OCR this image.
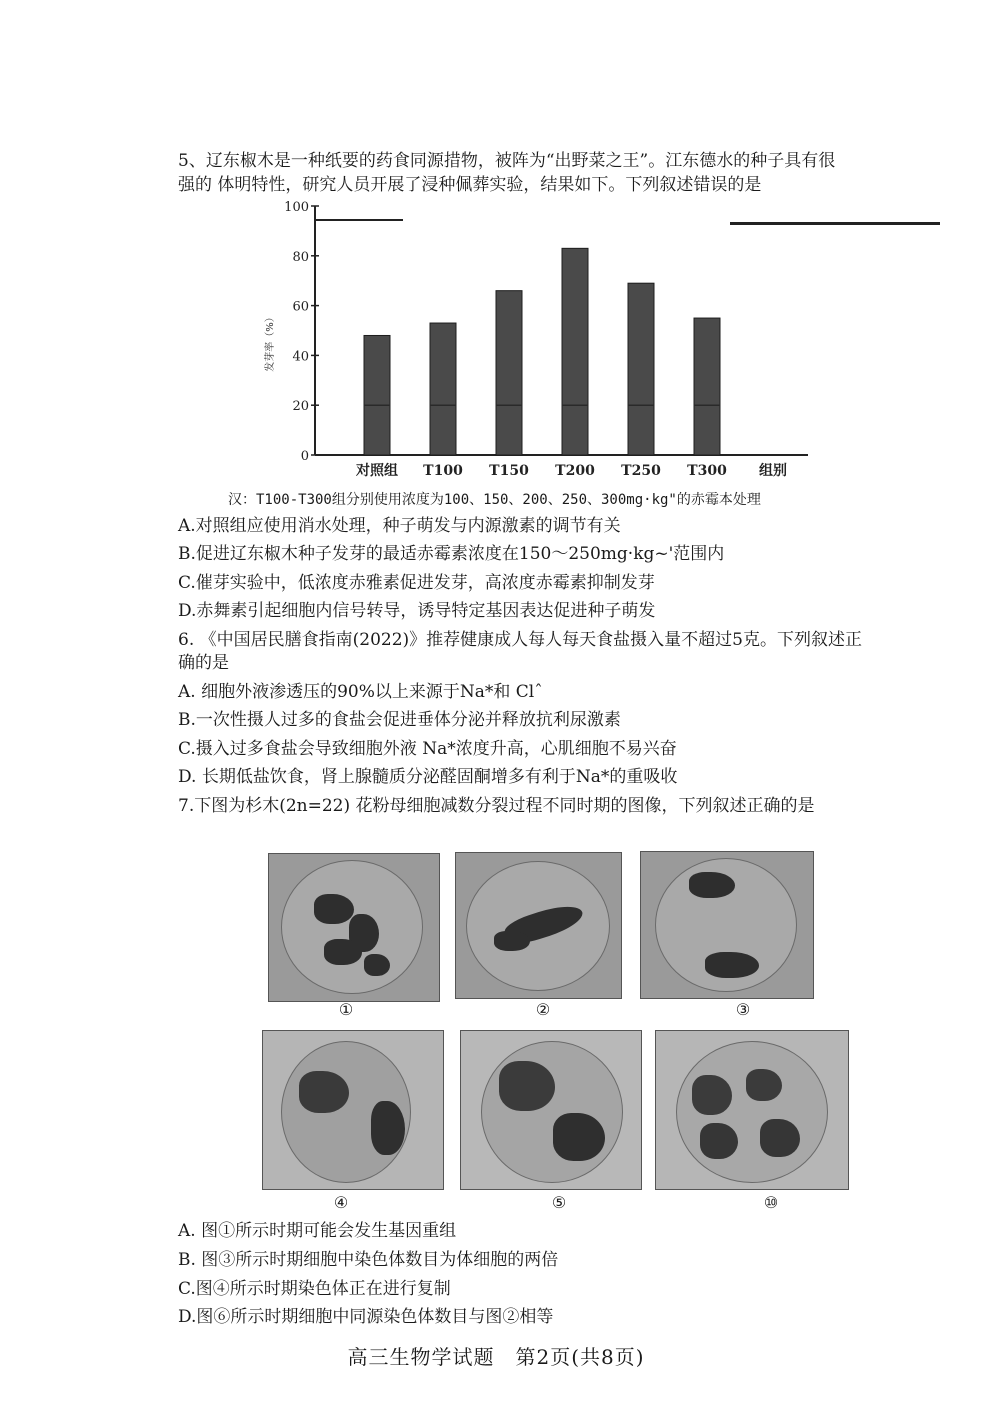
5、辽东椒木是一种纸要的药食同源措物，被阵为“出野菜之王”。江东德水的种子具有很
强的 体明特性，研究人员开展了浸种佩葬实验，结果如下。下列叙述错误的是
0
20
40
60
80
100
发芽率（%）
对照组 T100 T150 T200 T250 T300 组别
汉：T100-T300组分别使用浓度为100、150、200、250、300mg·kg"的赤霉本处理
A.对照组应使用消水处理，种子萌发与内源激素的调节有关
B.促进辽东椒木种子发芽的最适赤霉素浓度在150～250mg·kg~'范围内
C.催芽实验中，低浓度赤雅素促进发芽，高浓度赤霉素抑制发芽
D.赤舞素引起细胞内信号转导，诱导特定基因表达促进种子萌发
6. 《中国居民膳食指南(2022)》推荐健康成人每人每天食盐摄入量不超过5克。下列叙述正
确的是
A. 细胞外液渗透压的90%以上来源于Na*和 Clˆ
B.一次性摄人过多的食盐会促进垂体分泌并释放抗利尿激素
C.摄入过多食盐会导致细胞外液 Na*浓度升高，心肌细胞不易兴奋
D. 长期低盐饮食，肾上腺髓质分泌醛固酮增多有利于Na*的重吸收
7.下图为杉木(2n=22) 花粉母细胞减数分裂过程不同时期的图像，下列叙述正确的是
①	②	③
④	⑤	⑩
A. 图①所示时期可能会发生基因重组
B. 图③所示时期细胞中染色体数目为体细胞的两倍
C.图④所示时期染色体正在进行复制
D.图⑥所示时期细胞中同源染色体数目与图②相等
高三生物学试题　第2页(共8页)
